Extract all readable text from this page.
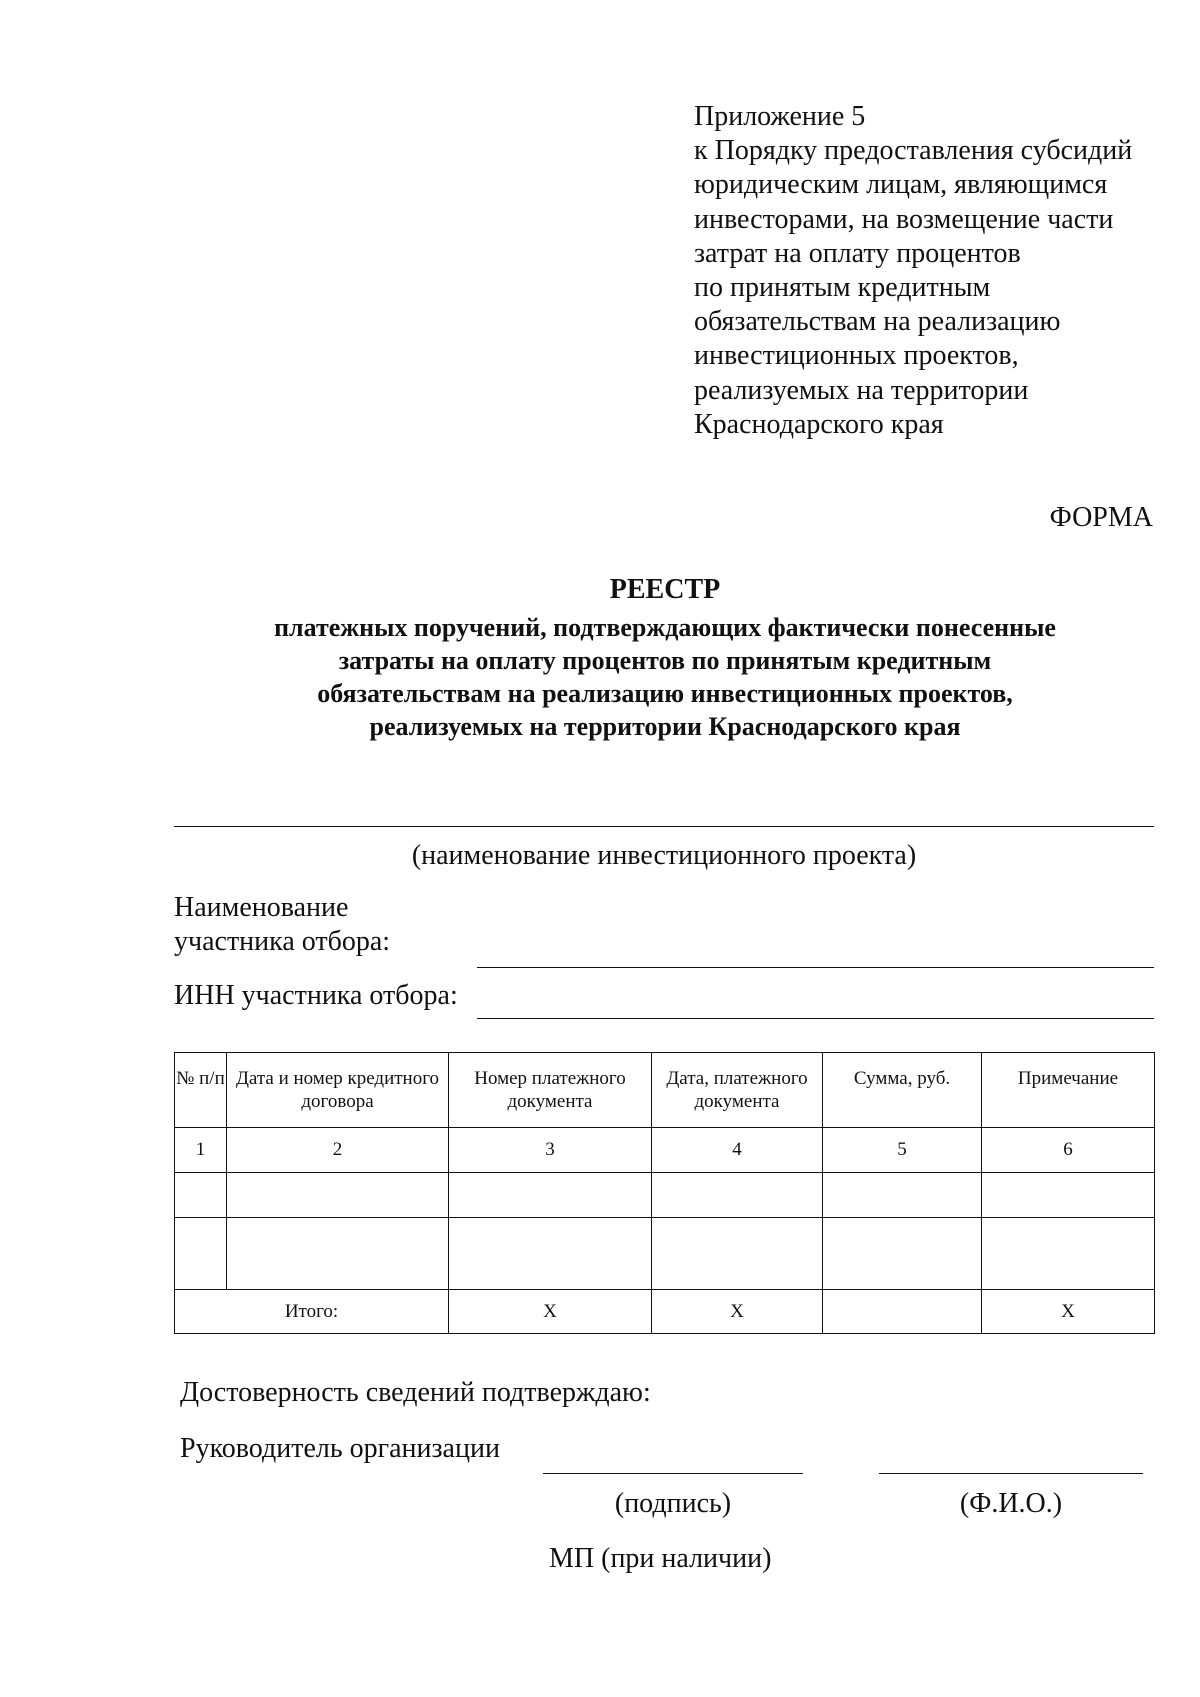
Приложение 5
к Порядку предоставления субсидий
юридическим лицам, являющимся
инвесторами, на возмещение части
затрат на оплату процентов
по принятым кредитным
обязательствам на реализацию
инвестиционных проектов,
реализуемых на территории
Краснодарского края
ФОРМА
РЕЕСТР
платежных поручений, подтверждающих фактически понесенные
затраты на оплату процентов по принятым кредитным
обязательствам на реализацию инвестиционных проектов,
реализуемых на территории Краснодарского края
(наименование инвестиционного проекта)
Наименование
участника отбора:
ИНН участника отбора:
№ п/п	Дата и номер кредитного договора	Номер платежного документа	Дата, платежного документа	Сумма, руб.	Примечание
1	2	3	4	5	6

Итого:		X	X		X
Достоверность сведений подтверждаю:
Руководитель организации
(подпись)	(Ф.И.О.)
МП (при наличии)
